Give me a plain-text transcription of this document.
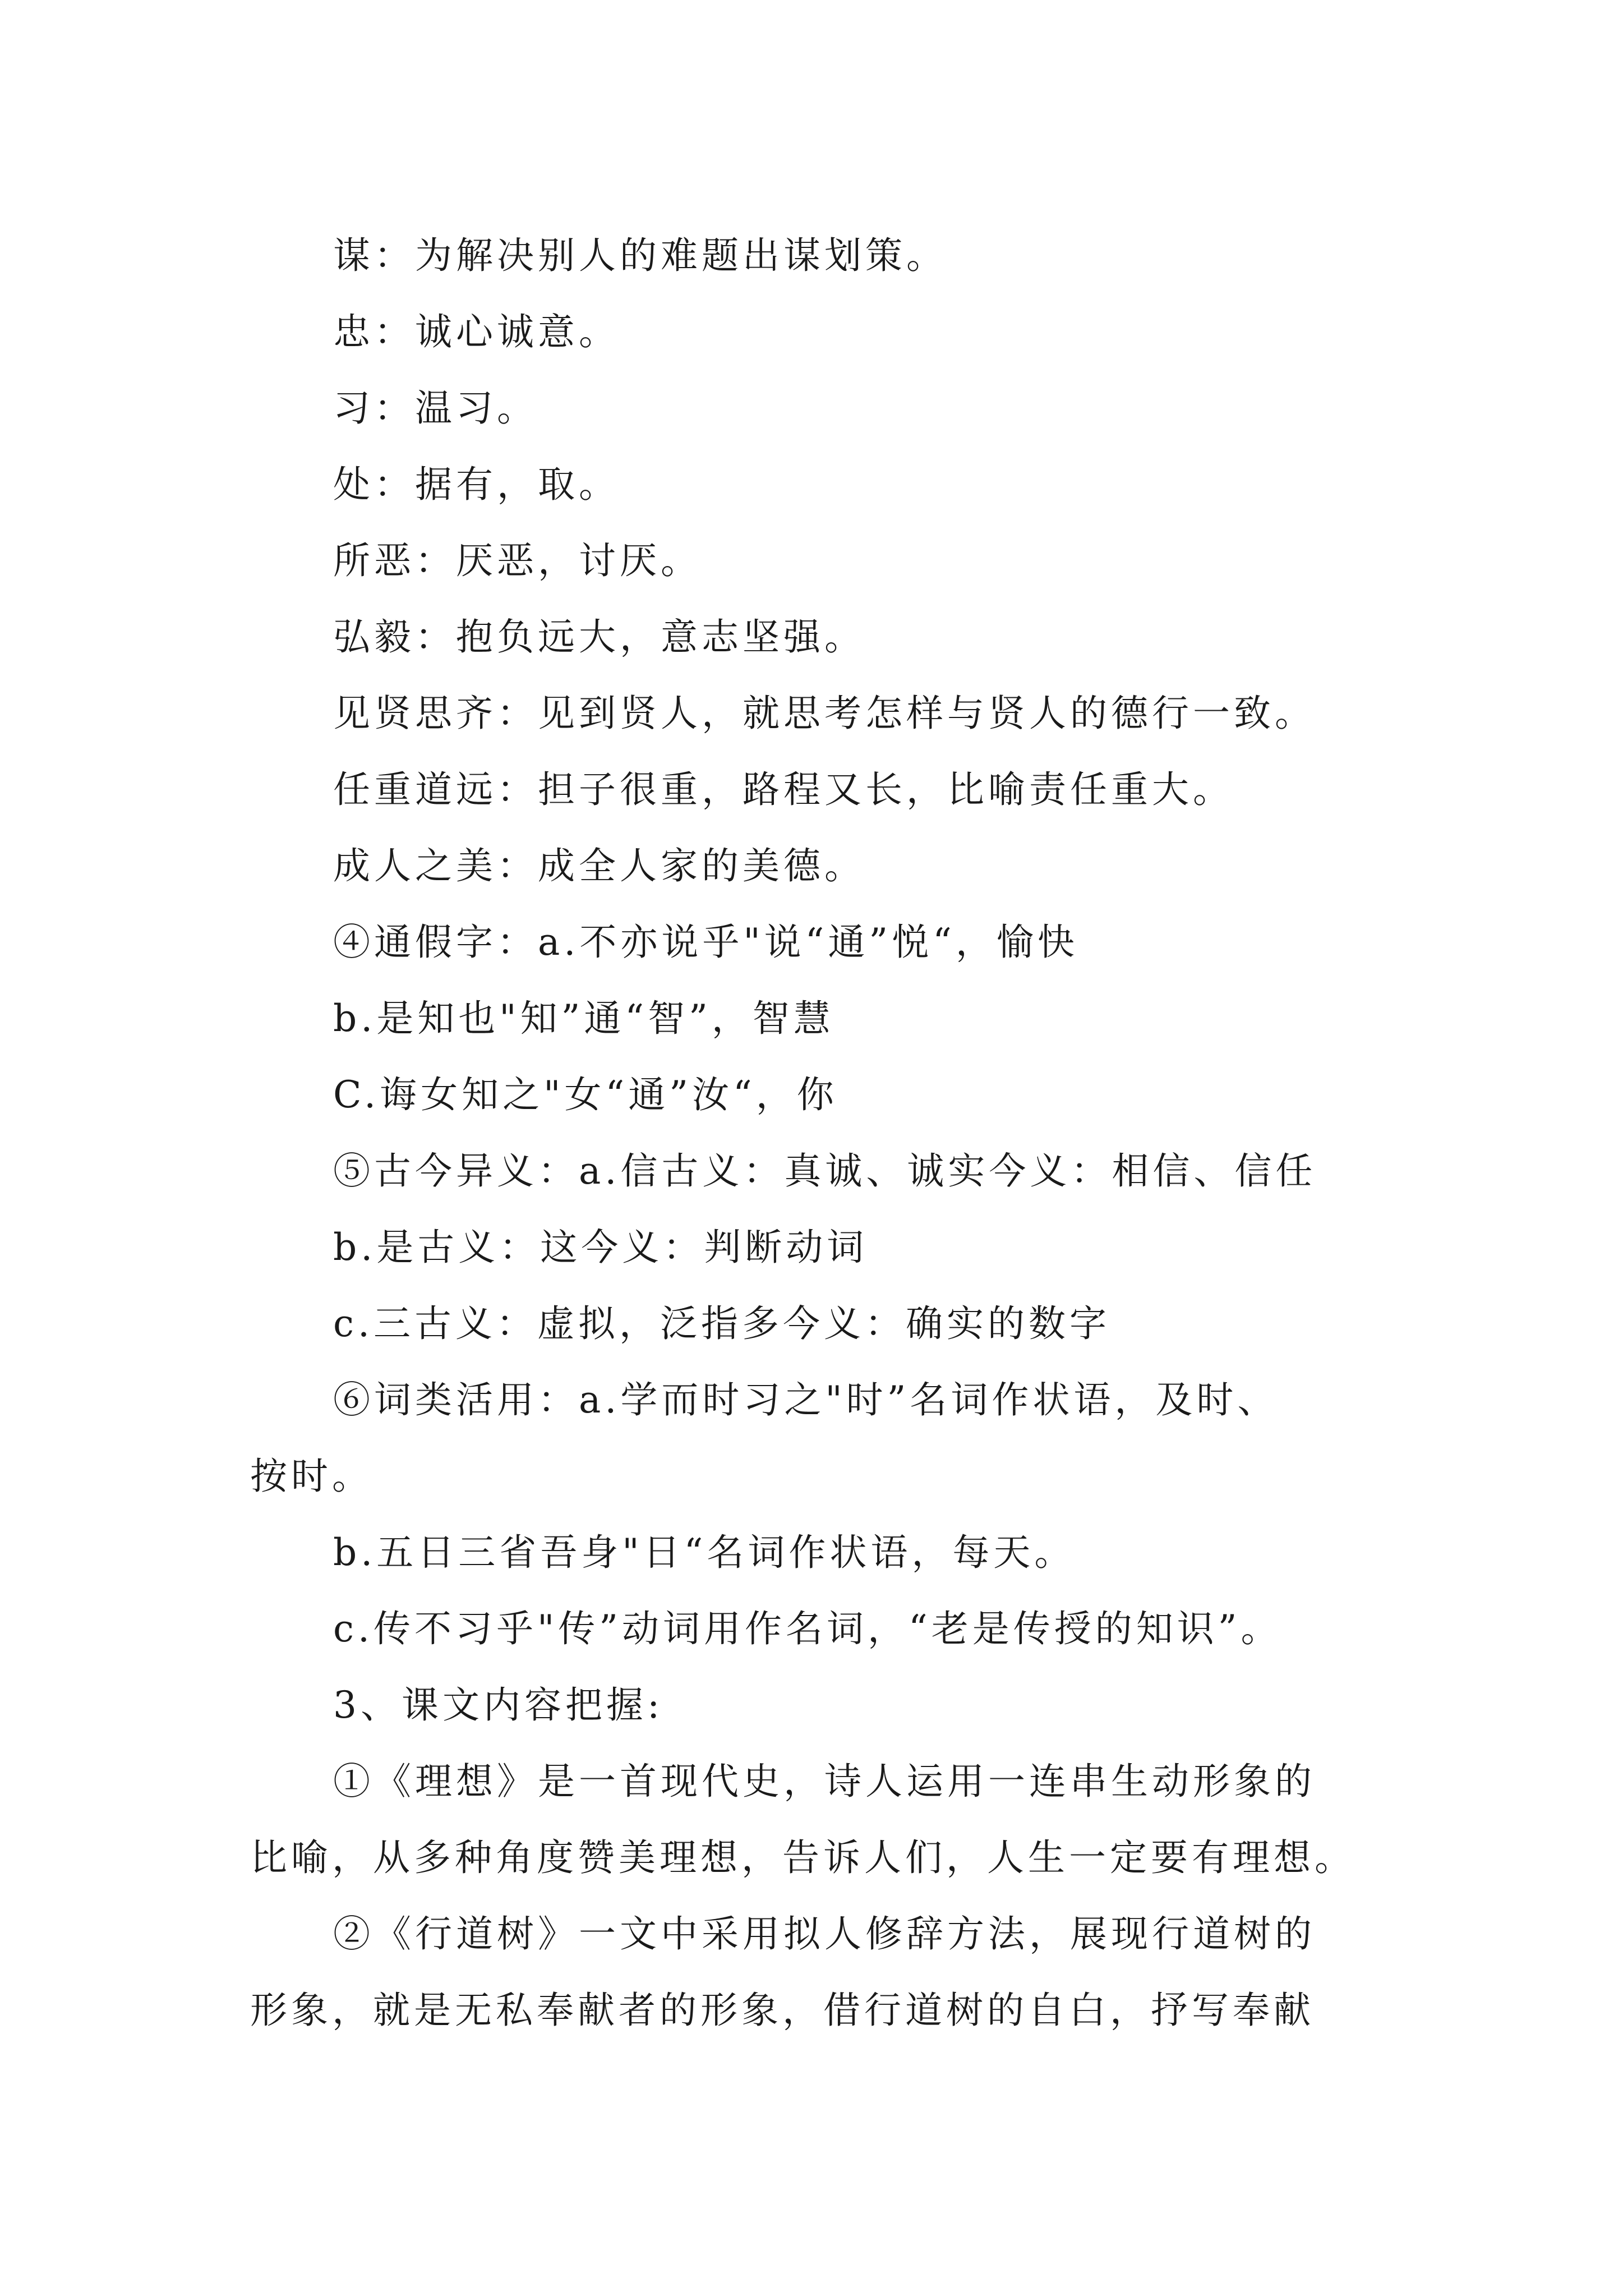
谋：为解决别人的难题出谋划策。
忠：诚心诚意。
习：温习。
处：据有，取。
所恶：厌恶，讨厌。
弘毅：抱负远大，意志坚强。
见贤思齐：见到贤人，就思考怎样与贤人的德行一致。
任重道远：担子很重，路程又长，比喻责任重大。
成人之美：成全人家的美德。
④通假字：a.不亦说乎"说“通”悦“，愉快
b.是知也"知”通“智”，智慧
C.诲女知之"女“通”汝“，你
⑤古今异义：a.信古义：真诚、诚实今义：相信、信任
b.是古义：这今义：判断动词
c.三古义：虚拟，泛指多今义：确实的数字
⑥词类活用：a.学而时习之"时”名词作状语，及时、
按时。
b.五日三省吾身"日“名词作状语，每天。
c.传不习乎"传”动词用作名词，“老是传授的知识”。
3、课文内容把握:
①《理想》是一首现代史，诗人运用一连串生动形象的
比喻，从多种角度赞美理想，告诉人们，人生一定要有理想。
②《行道树》一文中采用拟人修辞方法，展现行道树的
形象，就是无私奉献者的形象，借行道树的自白，抒写奉献
